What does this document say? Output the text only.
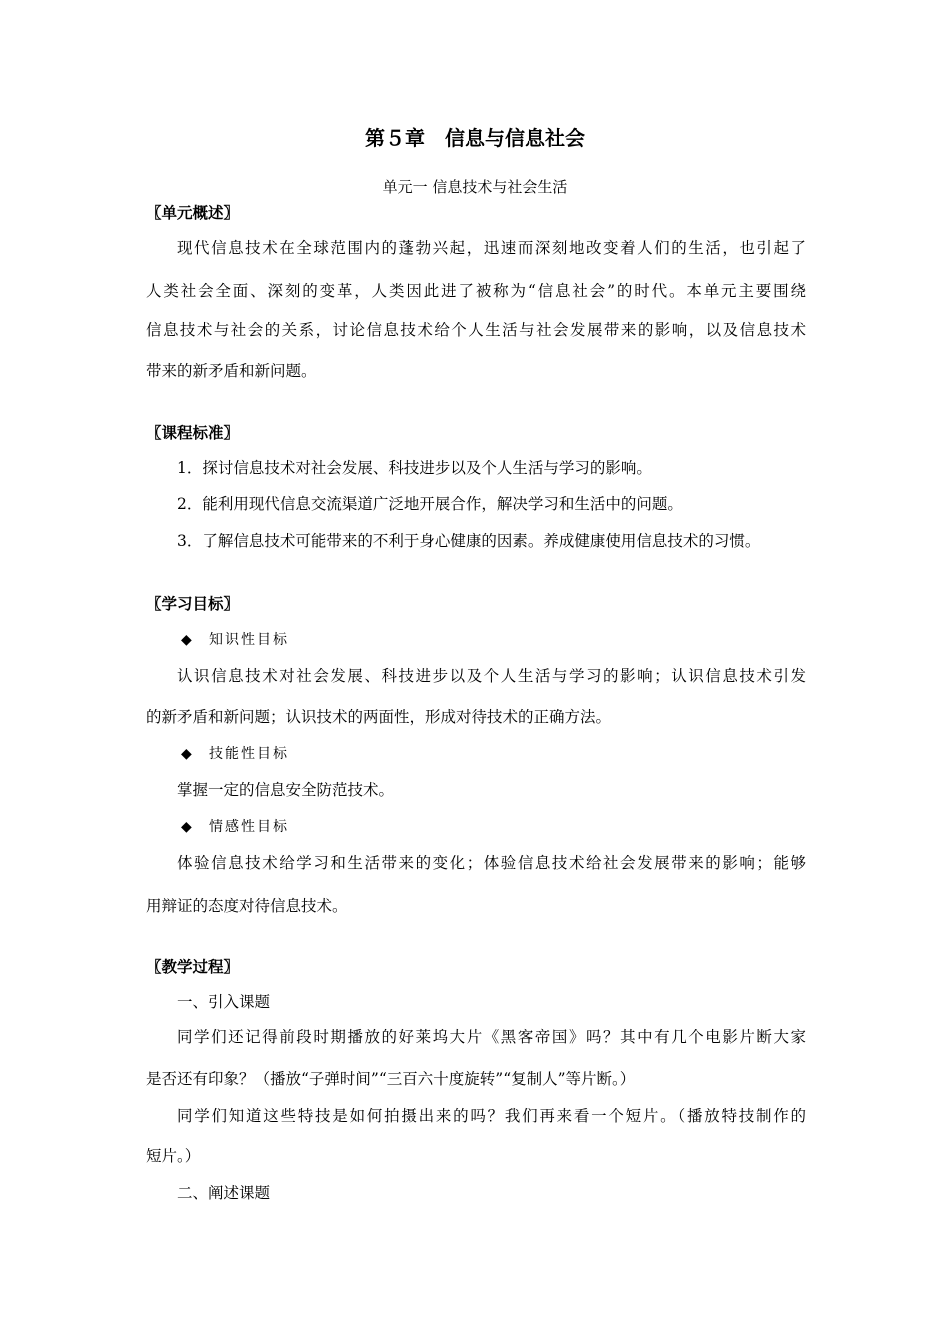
第５章　信息与信息社会
单元一 信息技术与社会生活
〖单元概述〗
现代信息技术在全球范围内的蓬勃兴起，迅速而深刻地改变着人们的生活，也引起了
人类社会全面、深刻的变革，人类因此进了被称为“信息社会”的时代。本单元主要围绕
信息技术与社会的关系，讨论信息技术给个人生活与社会发展带来的影响，以及信息技术
带来的新矛盾和新问题。
〖课程标准〗
1．探讨信息技术对社会发展、科技进步以及个人生活与学习的影响。
2．能利用现代信息交流渠道广泛地开展合作，解决学习和生活中的问题。
3．了解信息技术可能带来的不利于身心健康的因素。养成健康使用信息技术的习惯。
〖学习目标〗
◆ 知识性目标
认识信息技术对社会发展、科技进步以及个人生活与学习的影响；认识信息技术引发
的新矛盾和新问题；认识技术的两面性，形成对待技术的正确方法。
◆ 技能性目标
掌握一定的信息安全防范技术。
◆ 情感性目标
体验信息技术给学习和生活带来的变化；体验信息技术给社会发展带来的影响；能够
用辩证的态度对待信息技术。
〖教学过程〗
一、引入课题
同学们还记得前段时期播放的好莱坞大片《黑客帝国》吗？其中有几个电影片断大家
是否还有印象？（播放“子弹时间”“三百六十度旋转”“复制人”等片断。）
同学们知道这些特技是如何拍摄出来的吗？我们再来看一个短片。（播放特技制作的
短片。）
二、阐述课题
